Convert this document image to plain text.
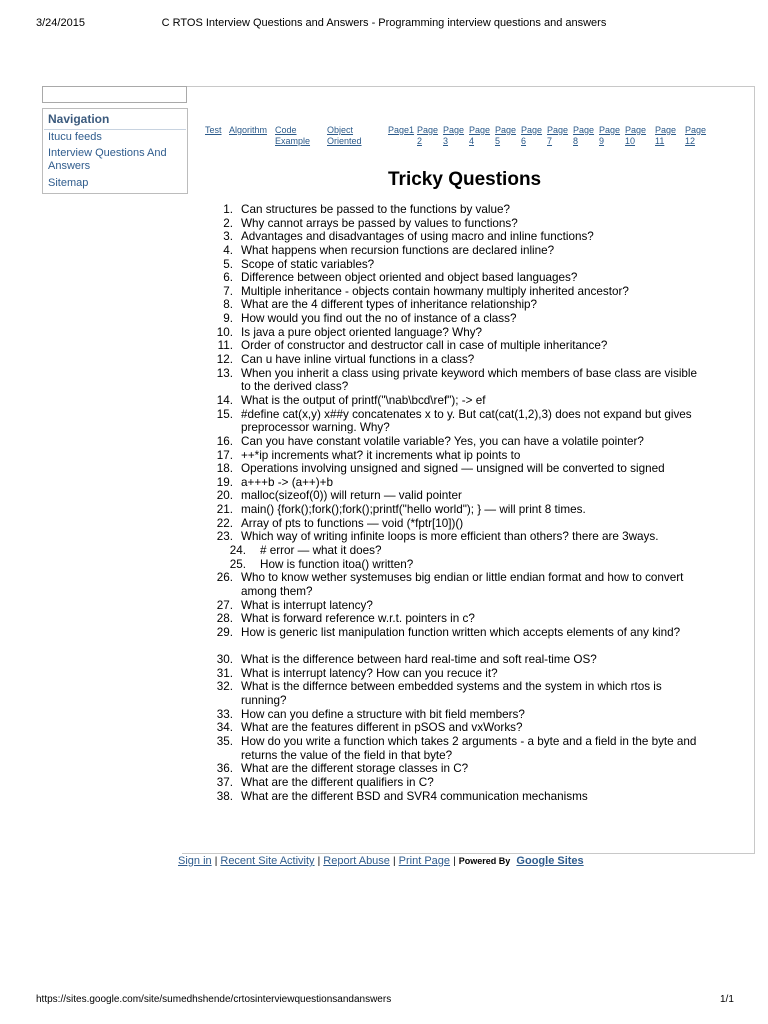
3/24/2015	C RTOS Interview Questions and Answers - Programming interview questions and answers
Navigation
Itucu feeds
Interview Questions And Answers
Sitemap
Test Algorithm Code Example
Object Oriented
Page1 Page 2
Page 3
Page 4
Page 5
Page 6
Page 7
Page 8
Page 9
Page 10
Page 11
Page 12
Tricky Questions
1. Can structures be passed to the functions by value?
2. Why cannot arrays be passed by values to functions?
3. Advantages and disadvantages of using macro and inline functions?
4. What happens when recursion functions are declared inline?
5. Scope of static variables?
6. Difference between object oriented and object based languages?
7. Multiple inheritance - objects contain howmany multiply inherited ancestor?
8. What are the 4 different types of inheritance relationship?
9. How would you find out the no of instance of a class?
10. Is java a pure object oriented language? Why?
11. Order of constructor and destructor call in case of multiple inheritance?
12. Can u have inline virtual functions in a class?
13. When you inherit a class using private keyword which members of base class are visible to the derived class?
14. What is the output of printf("\nab\bcd\ref"); -> ef
15. #define cat(x,y) x##y concatenates x to y. But cat(cat(1,2),3) does not expand but gives preprocessor warning. Why?
16. Can you have constant volatile variable? Yes, you can have a volatile pointer?
17. ++*ip increments what? it increments what ip points to
18. Operations involving unsigned and signed — unsigned will be converted to signed
19. a+++b -> (a++)+b
20. malloc(sizeof(0)) will return — valid pointer
21. main() {fork();fork();fork();printf("hello world"); } — will print 8 times.
22. Array of pts to functions — void (*fptr[10])()
23. Which way of writing infinite loops is more efficient than others? there are 3ways.
24. # error — what it does?
25. How is function itoa() written?
26. Who to know wether systemuses big endian or little endian format and how to convert among them?
27. What is interrupt latency?
28. What is forward reference w.r.t. pointers in c?
29. How is generic list manipulation function written which accepts elements of any kind?
30. What is the difference between hard real-time and soft real-time OS?
31. What is interrupt latency? How can you recuce it?
32. What is the differnce between embedded systems and the system in which rtos is running?
33. How can you define a structure with bit field members?
34. What are the features different in pSOS and vxWorks?
35. How do you write a function which takes 2 arguments - a byte and a field in the byte and returns the value of the field in that byte?
36. What are the different storage classes in C?
37. What are the different qualifiers in C?
38. What are the different BSD and SVR4 communication mechanisms
Sign in | Recent Site Activity | Report Abuse | Print Page | Powered By Google Sites
https://sites.google.com/site/sumedhshende/crtosinterviewquestionsandanswers	1/1
